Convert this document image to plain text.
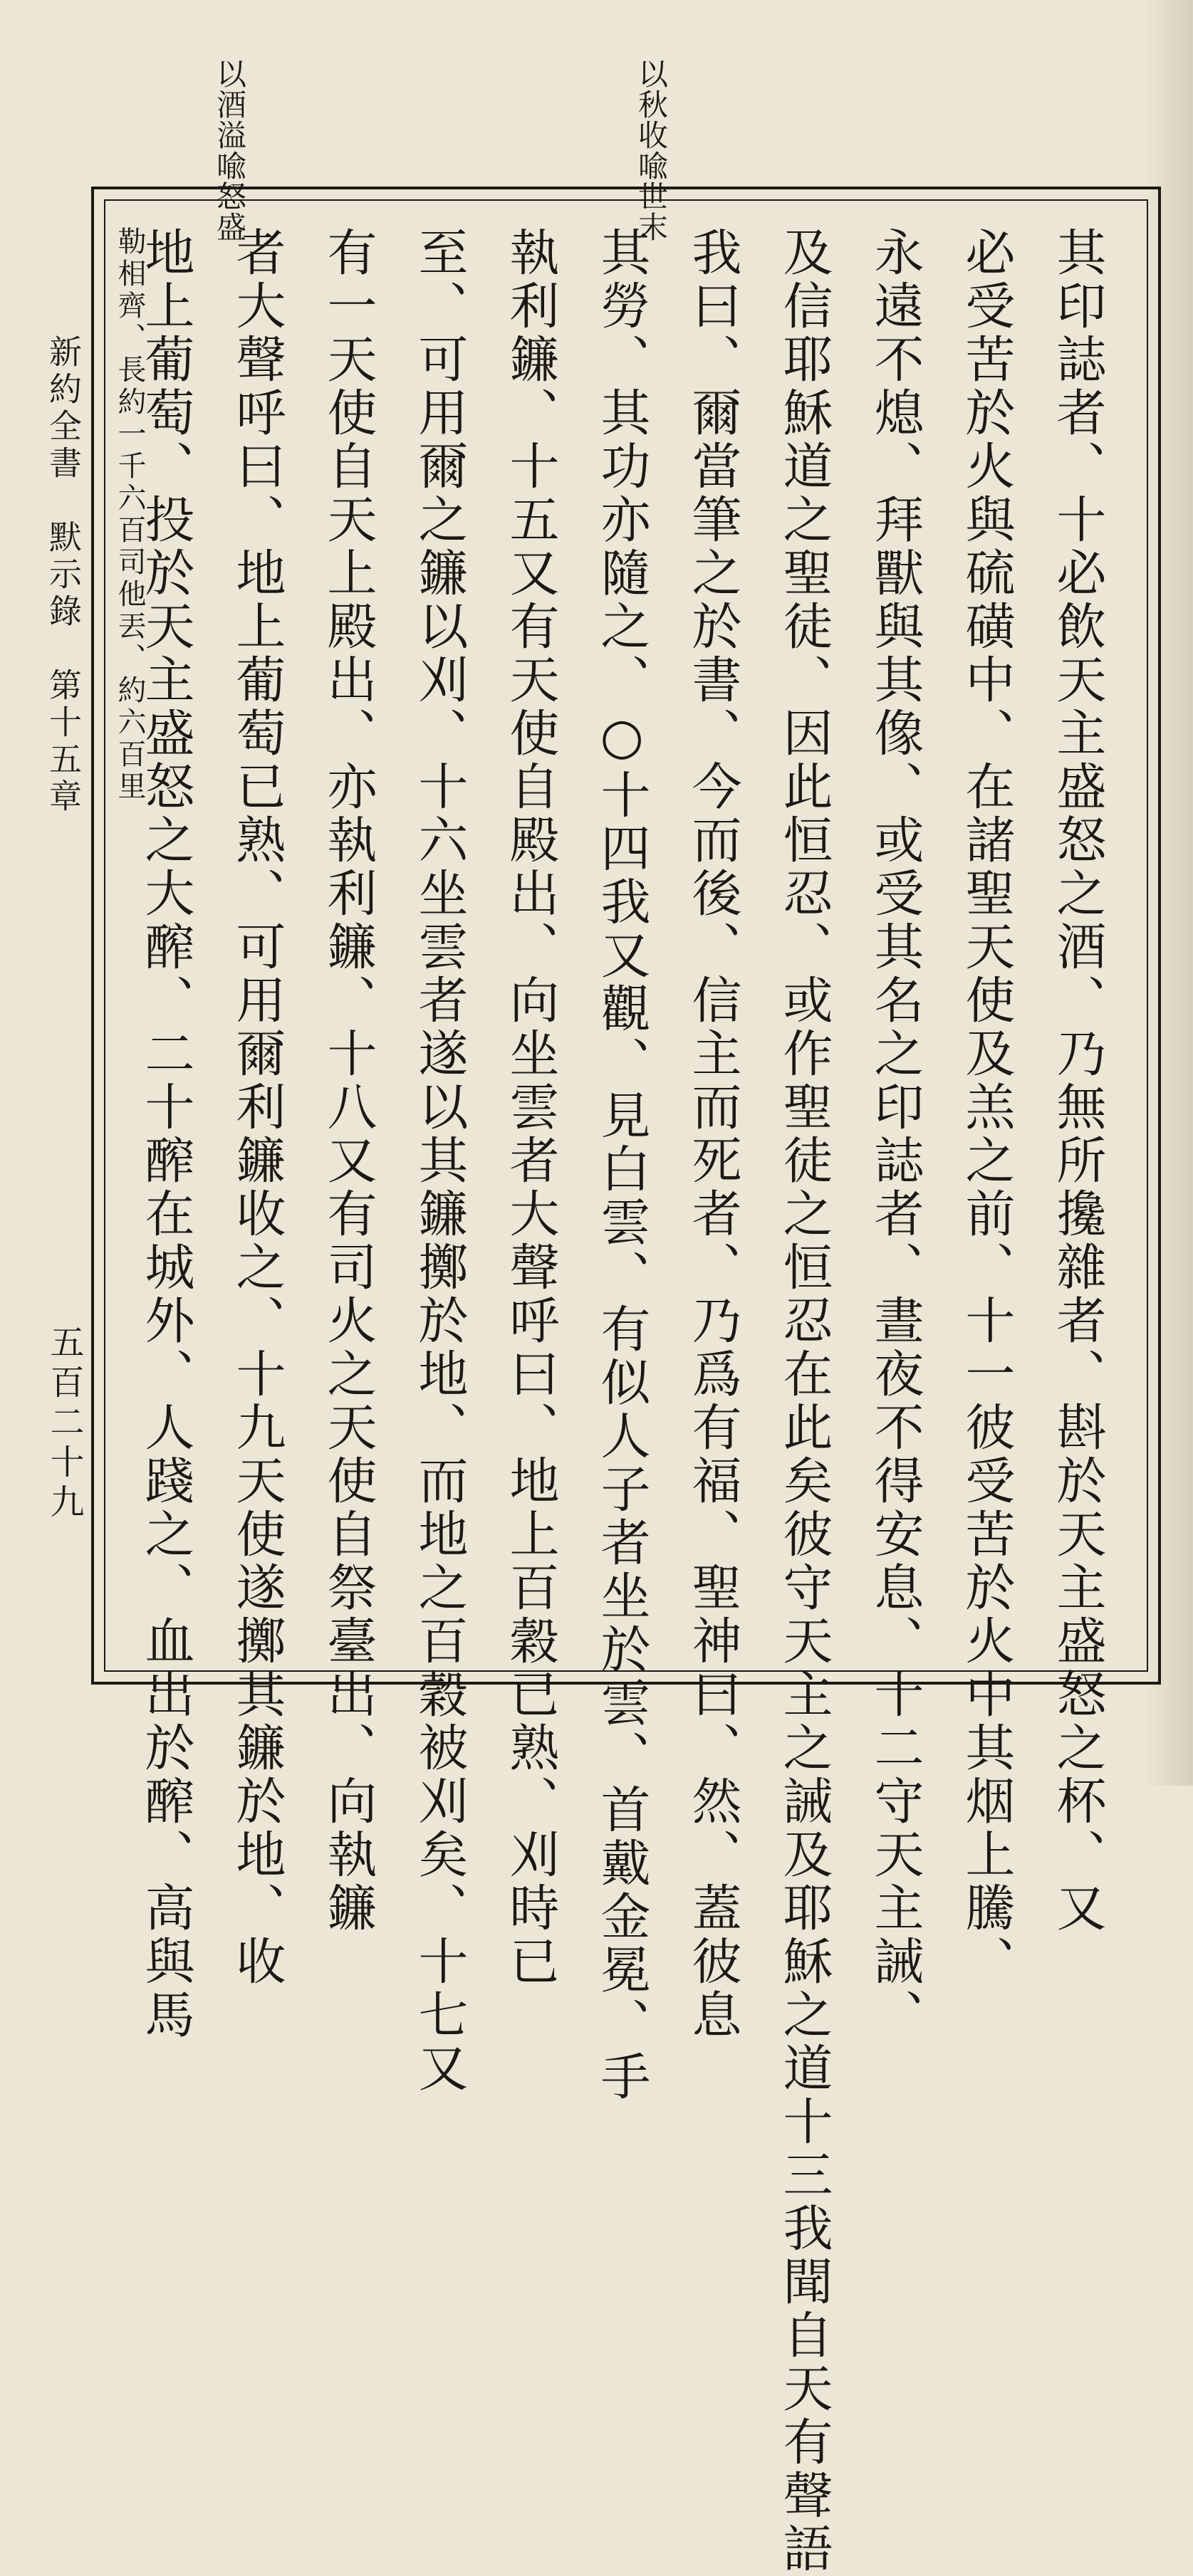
以酒溢喩怒盛	以秋收喩世末
新約全書　默示錄　第十五章
五百二十九	其印誌者、十必飲天主盛怒之酒、乃無所攙雜者、斟於天主盛怒之杯、又
必受苦於火與硫磺中、在諸聖天使及羔之前、十一彼受苦於火中其烟上騰、
永遠不熄、拜獸與其像、或受其名之印誌者、晝夜不得安息、十二守天主誡、
及信耶穌道之聖徒、因此恒忍、或作聖徒之恒忍在此矣彼守天主之誡及耶穌之道十三我聞自天有聲語
我曰、爾當筆之於書、今而後、信主而死者、乃爲有福、聖神曰、然、蓋彼息
其勞、其功亦隨之、○十四我又觀、見白雲、有似人子者坐於雲、首戴金冕、手
執利鐮、十五又有天使自殿出、向坐雲者大聲呼曰、地上百穀已熟、刈時已
至、可用爾之鐮以刈、十六坐雲者遂以其鐮擲於地、而地之百穀被刈矣、十七又
有一天使自天上殿出、亦執利鐮、十八又有司火之天使自祭臺出、向執鐮
者大聲呼曰、地上葡萄已熟、可用爾利鐮收之、十九天使遂擲其鐮於地、收
地上葡萄、投於天主盛怒之大醡、二十醡在城外、人踐之、血出於醡、高與馬
勒相齊、長約一千六百司他丟、約六百里
